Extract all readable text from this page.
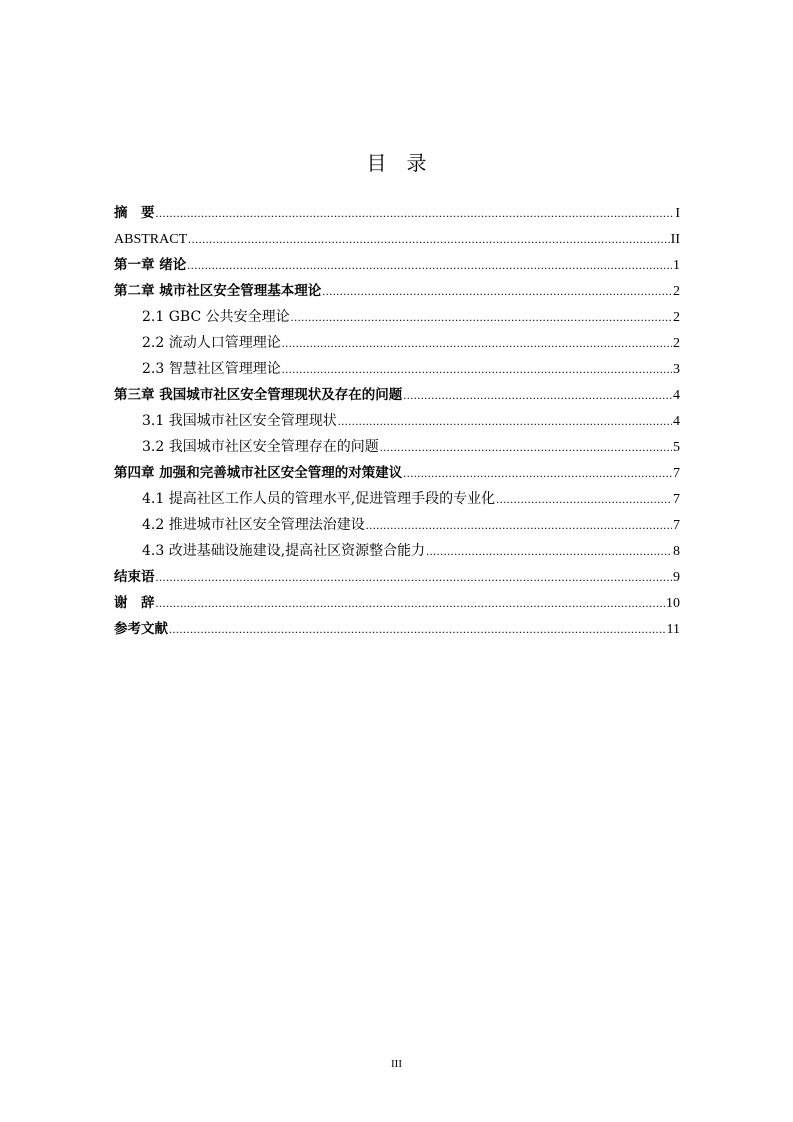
目　录
摘　要 .....	I
ABSTRACT .....	II
第一章 绪论 .....	1
第二章 城市社区安全管理基本理论 .....	2
2.1 GBC 公共安全理论 .....	2
2.2 流动人口管理理论 .....	2
2.3 智慧社区管理理论 .....	3
第三章 我国城市社区安全管理现状及存在的问题 .....	4
3.1 我国城市社区安全管理现状 .....	4
3.2 我国城市社区安全管理存在的问题 .....	5
第四章 加强和完善城市社区安全管理的对策建议 .....	7
4.1 提高社区工作人员的管理水平,促进管理手段的专业化 .....	7
4.2 推进城市社区安全管理法治建设 .....	7
4.3 改进基础设施建设,提高社区资源整合能力 .....	8
结束语 .....	9
谢　辞 .....	10
参考文献 .....	11
III
